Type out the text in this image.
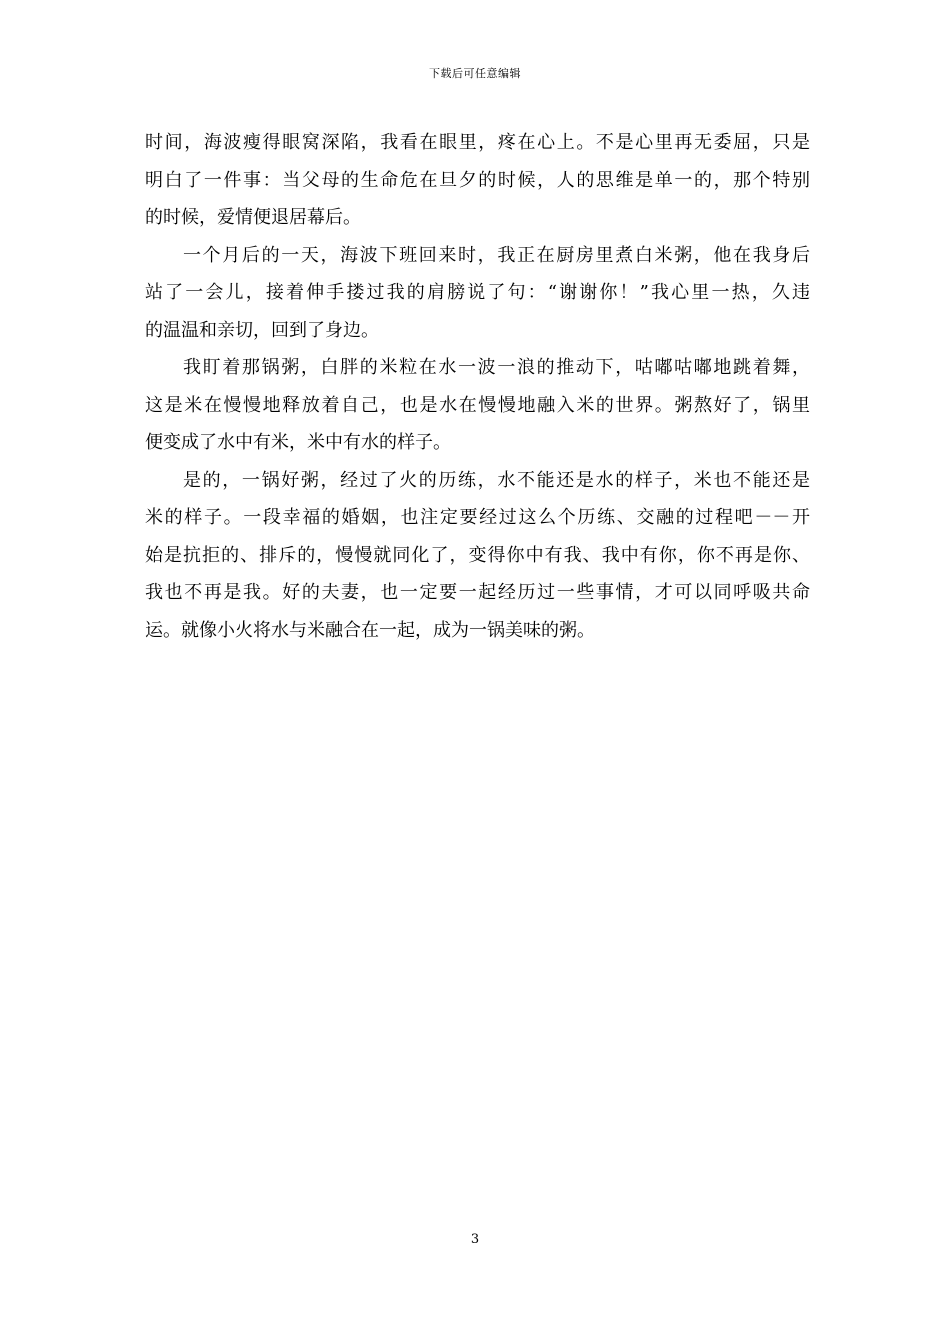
下载后可任意编辑
时间，海波瘦得眼窝深陷，我看在眼里，疼在心上。不是心里再无委屈，只是
明白了一件事：当父母的生命危在旦夕的时候，人的思维是单一的，那个特别
的时候，爱情便退居幕后。
一个月后的一天，海波下班回来时，我正在厨房里煮白米粥，他在我身后
站了一会儿，接着伸手搂过我的肩膀说了句：“谢谢你！”我心里一热，久违
的温温和亲切，回到了身边。
我盯着那锅粥，白胖的米粒在水一波一浪的推动下，咕嘟咕嘟地跳着舞，
这是米在慢慢地释放着自己，也是水在慢慢地融入米的世界。粥熬好了，锅里
便变成了水中有米，米中有水的样子。
是的，一锅好粥，经过了火的历练，水不能还是水的样子，米也不能还是
米的样子。一段幸福的婚姻，也注定要经过这么个历练、交融的过程吧－－开
始是抗拒的、排斥的，慢慢就同化了，变得你中有我、我中有你，你不再是你、
我也不再是我。好的夫妻，也一定要一起经历过一些事情，才可以同呼吸共命
运。就像小火将水与米融合在一起，成为一锅美味的粥。
3
